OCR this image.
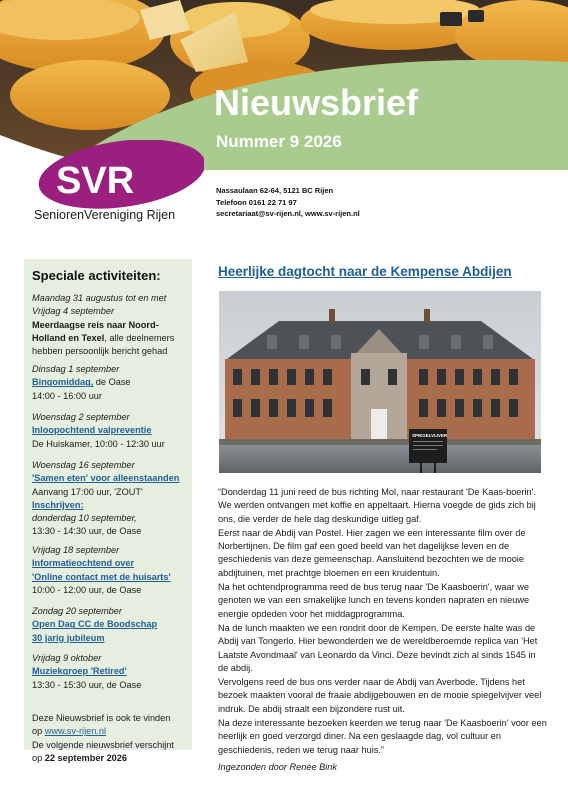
Nieuwsbrief
Nummer 9 2026
SVR
SeniorenVereniging Rijen
Nassaulaan 62-64, 5121 BC Rijen
Telefoon 0161 22 71 97
secretariaat@sv-rijen.nl, www.sv-rijen.nl
Speciale activiteiten:
Maandag 31 augustus tot en met Vrijdag 4 september
Meerdaagse reis naar Noord-Holland en Texel, alle deelnemers hebben persoonlijk bericht gehad
Dinsdag 1 september
Bingomiddag, de Oase
14:00 - 16:00 uur
Woensdag 2 september
Inloopochtend valpreventie
De Huiskamer, 10:00 - 12:30 uur
Woensdag 16 september
'Samen eten' voor alleenstaanden
Aanvang 17:00 uur, 'ZOUT'
Inschrijven:
donderdag 10 september,
13:30 - 14:30 uur, de Oase
Vrijdag 18 september
Informatieochtend over
'Online contact met de huisarts'
10:00 - 12:00 uur, de Oase
Zondag 20 september
Open Dag CC de Boodschap
30 jarig jubileum
Vrijdag 9 oktober
Muziekgroep 'Retired'
13:30 - 15:30 uur, de Oase
Deze Nieuwsbrief is ook te vinden
op www.sv-rijen.nl
De volgende nieuwsbrief verschijnt
op 22 september 2026
Heerlijke dagtocht naar de Kempense Abdijen
SPIEGELVIJVER

“Donderdag 11 juni reed de bus richting Mol, naar restaurant 'De Kaas-boerin'. We werden ontvangen met koffie en appeltaart. Hierna voegde de gids zich bij ons, die verder de hele dag deskundige uitleg gaf.

Eerst naar de Abdij van Postel. Hier zagen we een interessante film over de Norbertijnen. De film gaf een goed beeld van het dagelijkse leven en de geschiedenis van deze gemeenschap. Aansluitend bezochten we de mooie abdijtuinen, met prachtge bloemen en een kruidentuin.

Na het ochtendprogramma reed de bus terug naar 'De Kaasboerin', waar we genoten we van een smakelijke lunch en tevens konden napraten en nieuwe energie opdeden voor het middagprogramma.

Na de lunch maakten we een rondrit door de Kempen. De eerste halte was de Abdij van Tongerlo. Hier bewonderden we de wereldberoemde replica van 'Het Laatste Avondmaal' van Leonardo da Vinci. Deze bevindt zich al sinds 1545 in de abdij.

Vervolgens reed de bus ons verder naar de Abdij van Averbode. Tijdens het bezoek maakten vooral de fraaie abdijgebouwen en de mooie spiegelvijver veel indruk. De abdij straalt een bijzondere rust uit.

Na deze interessante bezoeken keerden we terug naar 'De Kaasboerin' voor een heerlijk en goed verzorgd diner. Na een geslaagde dag, vol cultuur en geschiedenis, reden we terug naar huis.”

Ingezonden door Renée Bink
